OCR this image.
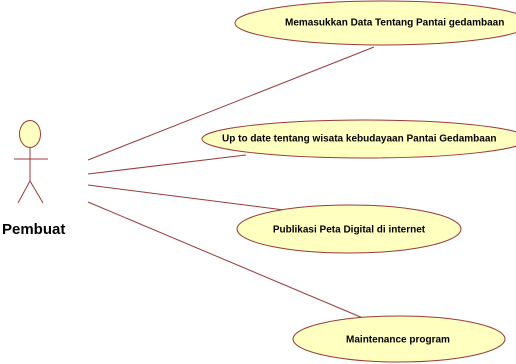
Pembuat
Memasukkan Data Tentang Pantai gedambaan
Up to date tentang wisata kebudayaan Pantai Gedambaan
Publikasi Peta Digital di internet
Maintenance program
